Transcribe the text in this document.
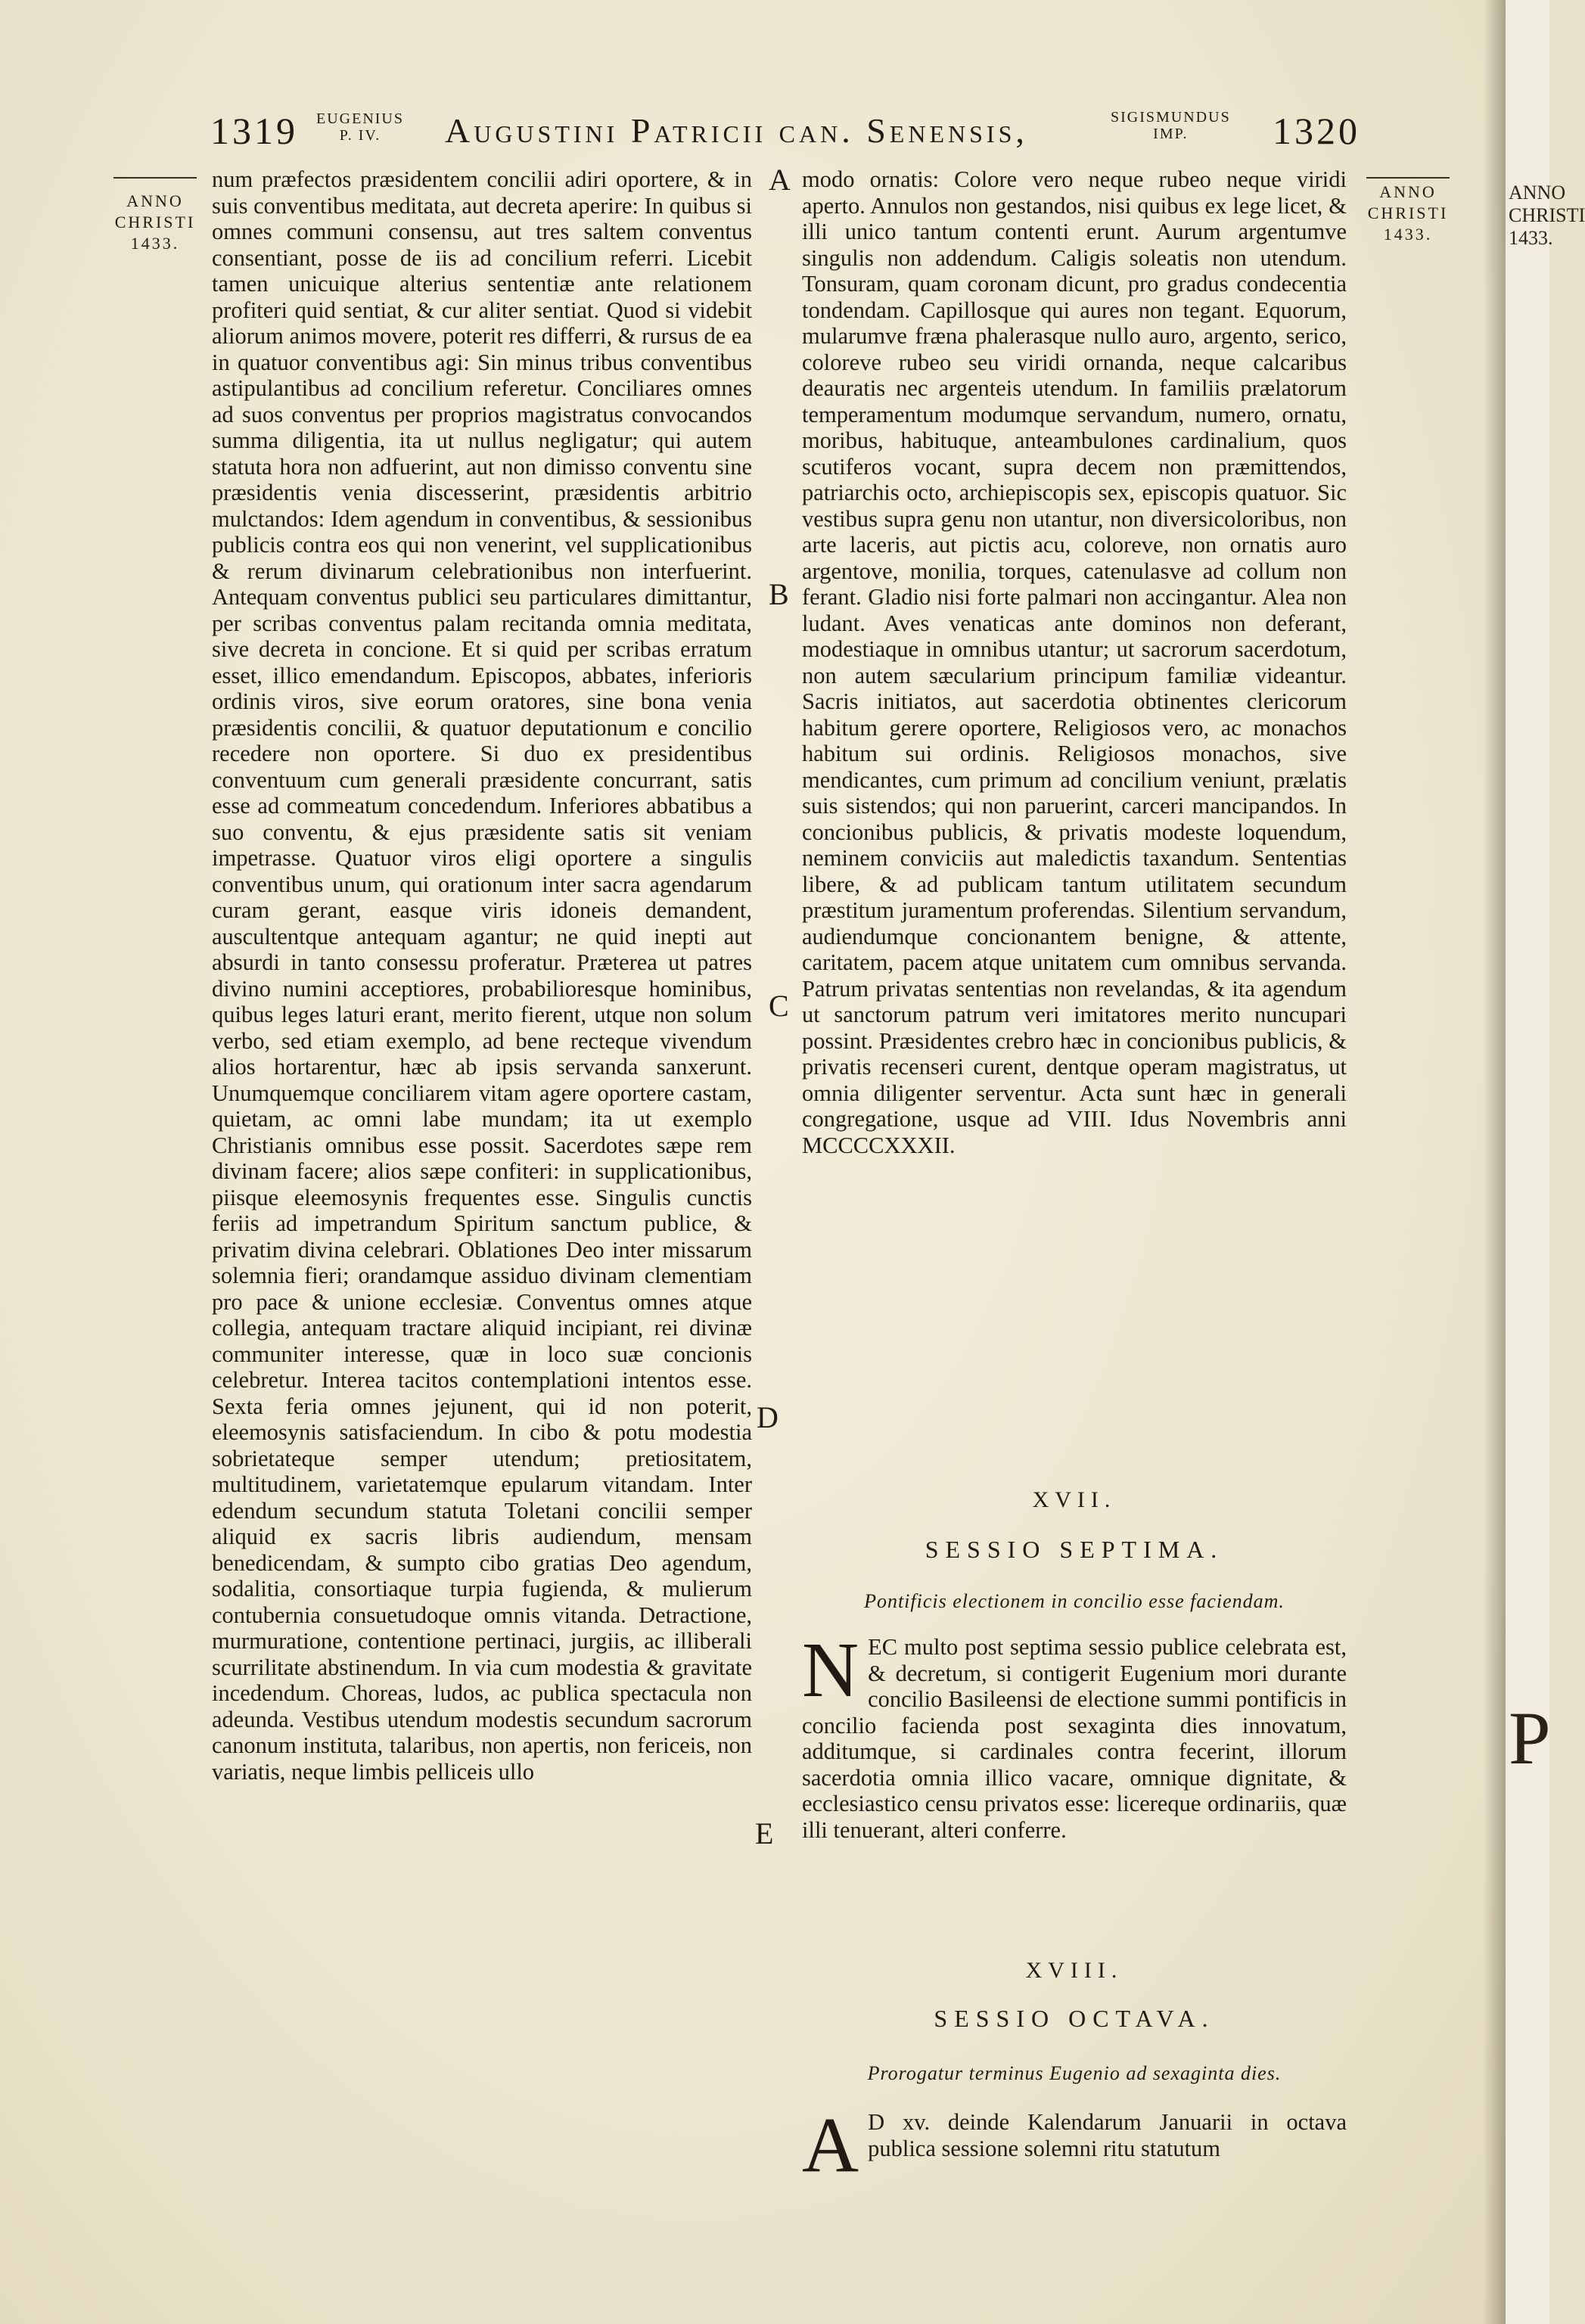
1319 EUGENIUS
P. IV.	Augustini Patricii can. Senensis,	SIGISMUNDUS
IMP.	1320
ANNO
CHRISTI
1433.
ANNO
CHRISTI
1433.
A
B
C
D
E

num præfectos præsidentem concilii adiri oportere, & in suis conventibus meditata, aut decreta aperire: In quibus si omnes communi consensu, aut tres saltem conventus consentiant, posse de iis ad concilium referri. Licebit tamen unicuique alterius sententiæ ante relationem profiteri quid sentiat, & cur aliter sentiat. Quod si videbit aliorum animos movere, poterit res differri, & rursus de ea in quatuor conventibus agi: Sin minus tribus conventibus astipulantibus ad concilium referetur. Conciliares omnes ad suos conventus per proprios magistratus convocandos summa diligentia, ita ut nullus negligatur; qui autem statuta hora non adfuerint, aut non dimisso conventu sine præsidentis venia discesserint, præsidentis arbitrio mulctandos: Idem agendum in conventibus, & sessionibus publicis contra eos qui non venerint, vel supplicationibus & rerum divinarum celebrationibus non interfuerint. Antequam conventus publici seu particulares dimittantur, per scribas conventus palam recitanda omnia meditata, sive decreta in concione. Et si quid per scribas erratum esset, illico emendandum. Episcopos, abbates, inferioris ordinis viros, sive eorum oratores, sine bona venia præsidentis concilii, & quatuor deputationum e concilio recedere non oportere. Si duo ex presidentibus conventuum cum generali præsidente concurrant, satis esse ad commeatum concedendum. Inferiores abbatibus a suo conventu, & ejus præsidente satis sit veniam impetrasse. Quatuor viros eligi oportere a singulis conventibus unum, qui orationum inter sacra agendarum curam gerant, easque viris idoneis demandent, auscultentque antequam agantur; ne quid inepti aut absurdi in tanto consessu proferatur. Præterea ut patres divino numini acceptiores, probabilioresque hominibus, quibus leges laturi erant, merito fierent, utque non solum verbo, sed etiam exemplo, ad bene recteque vivendum alios hortarentur, hæc ab ipsis servanda sanxerunt. Unumquemque conciliarem vitam agere oportere castam, quietam, ac omni labe mundam; ita ut exemplo Christianis omnibus esse possit. Sacerdotes sæpe rem divinam facere; alios sæpe confiteri: in supplicationibus, piisque eleemosynis frequentes esse. Singulis cunctis feriis ad impetrandum Spiritum sanctum publice, & privatim divina celebrari. Oblationes Deo inter missarum solemnia fieri; orandamque assiduo divinam clementiam pro pace & unione ecclesiæ. Conventus omnes atque collegia, antequam tractare aliquid incipiant, rei divinæ communiter interesse, quæ in loco suæ concionis celebretur. Interea tacitos contemplationi intentos esse. Sexta feria omnes jejunent, qui id non poterit, eleemosynis satisfaciendum. In cibo & potu modestia sobrietateque semper utendum; pretiositatem, multitudinem, varietatemque epularum vitandam. Inter edendum secundum statuta Toletani concilii semper aliquid ex sacris libris audiendum, mensam benedicendam, & sumpto cibo gratias Deo agendum, sodalitia, consortiaque turpia fugienda, & mulierum contubernia consuetudoque omnis vitanda. Detractione, murmuratione, contentione pertinaci, jurgiis, ac illiberali scurrilitate abstinendum. In via cum modestia & gravitate incedendum. Choreas, ludos, ac publica spectacula non adeunda. Vestibus utendum modestis secundum sacrorum canonum instituta, talaribus, non apertis, non fericeis, non variatis, neque limbis pelliceis ullo

modo ornatis: Colore vero neque rubeo neque viridi aperto. Annulos non gestandos, nisi quibus ex lege licet, & illi unico tantum contenti erunt. Aurum argentumve singulis non addendum. Caligis soleatis non utendum. Tonsuram, quam coronam dicunt, pro gradus condecentia tondendam. Capillosque qui aures non tegant. Equorum, mularumve fræna phalerasque nullo auro, argento, serico, coloreve rubeo seu viridi ornanda, neque calcaribus deauratis nec argenteis utendum. In familiis prælatorum temperamentum modumque servandum, numero, ornatu, moribus, habituque, anteambulones cardinalium, quos scutiferos vocant, supra decem non præmittendos, patriarchis octo, archiepiscopis sex, episcopis quatuor. Sic vestibus supra genu non utantur, non diversicoloribus, non arte laceris, aut pictis acu, coloreve, non ornatis auro argentove, monilia, torques, catenulasve ad collum non ferant. Gladio nisi forte palmari non accingantur. Alea non ludant. Aves venaticas ante dominos non deferant, modestiaque in omnibus utantur; ut sacrorum sacerdotum, non autem sæcularium principum familiæ videantur. Sacris initiatos, aut sacerdotia obtinentes clericorum habitum gerere oportere, Religiosos vero, ac monachos habitum sui ordinis. Religiosos monachos, sive mendicantes, cum primum ad concilium veniunt, prælatis suis sistendos; qui non paruerint, carceri mancipandos. In concionibus publicis, & privatis modeste loquendum, neminem conviciis aut maledictis taxandum. Sententias libere, & ad publicam tantum utilitatem secundum præstitum juramentum proferendas. Silentium servandum, audiendumque concionantem benigne, & attente, caritatem, pacem atque unitatem cum omnibus servanda. Patrum privatas sententias non revelandas, & ita agendum ut sanctorum patrum veri imitatores merito nuncupari possint. Præsidentes crebro hæc in concionibus publicis, & privatis recenseri curent, dentque operam magistratus, ut omnia diligenter serventur. Acta sunt hæc in generali congregatione, usque ad VIII. Idus Novembris anni MCCCCXXXII.

XVII.
SESSIO SEPTIMA.
Pontificis electionem in concilio esse faciendam.
N EC multo post septima sessio publice celebrata est, & decretum, si contigerit Eugenium mori durante concilio Basileensi de electione summi pontificis in concilio facienda post sexaginta dies innovatum, additumque, si cardinales contra fecerint, illorum sacerdotia omnia illico vacare, omnique dignitate, & ecclesiastico censu privatos esse: licereque ordinariis, quæ illi tenuerant, alteri conferre.
XVIII.
SESSIO OCTAVA.
Prorogatur terminus Eugenio ad sexaginta dies.
A D xv. deinde Kalendarum Januarii in octava publica sessione solemni ritu statutum
ANNO
CHRISTI
1433.
P
